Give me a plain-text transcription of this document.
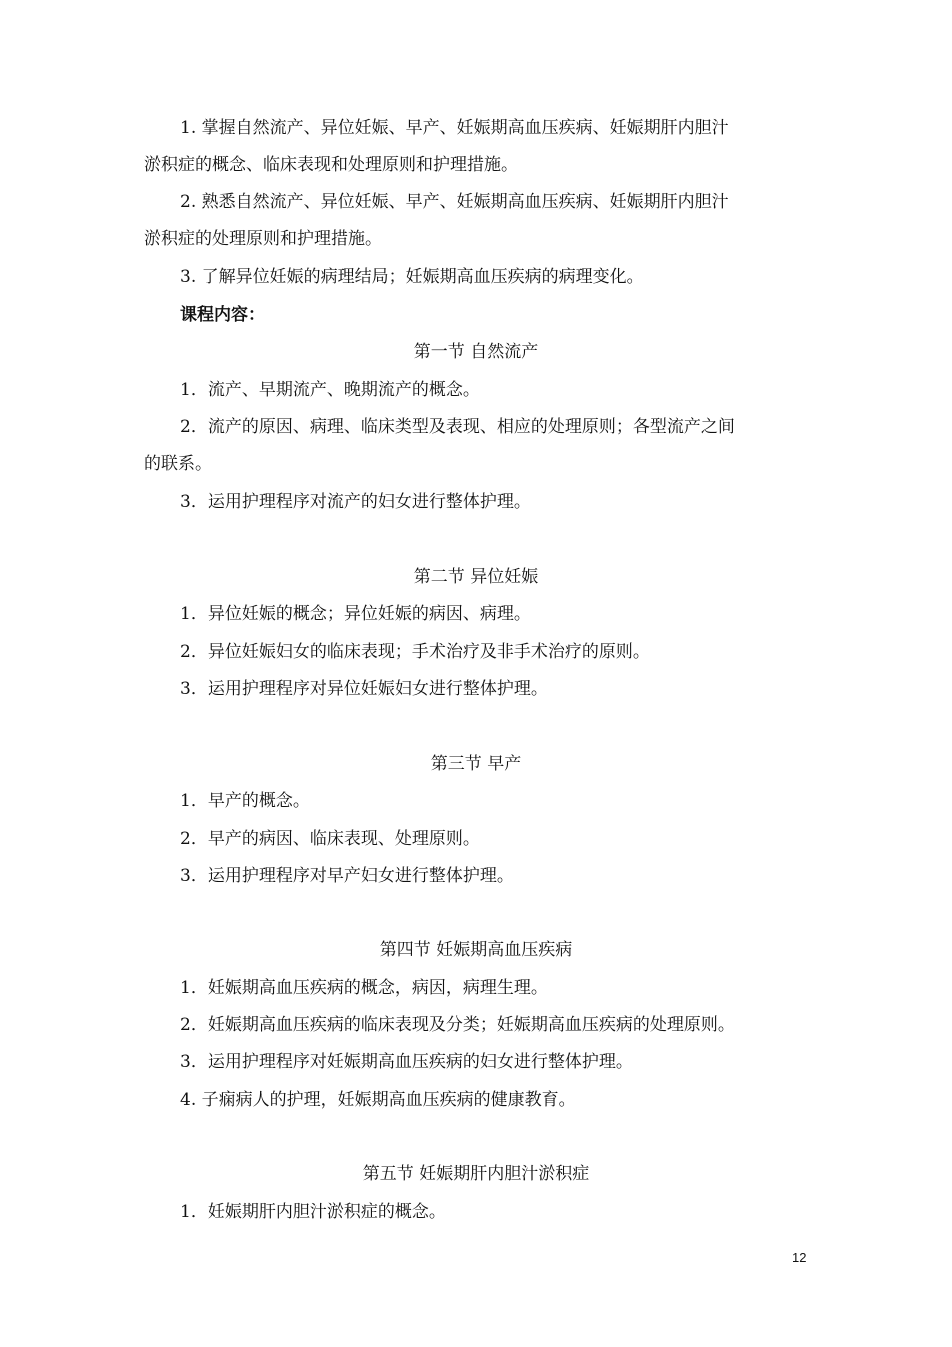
1. 掌握自然流产、异位妊娠、早产、妊娠期高血压疾病、妊娠期肝内胆汁
淤积症的概念、临床表现和处理原则和护理措施。
2. 熟悉自然流产、异位妊娠、早产、妊娠期高血压疾病、妊娠期肝内胆汁
淤积症的处理原则和护理措施。
3. 了解异位妊娠的病理结局；妊娠期高血压疾病的病理变化。
课程内容：
第一节 自然流产
1．流产、早期流产、晚期流产的概念。
2．流产的原因、病理、临床类型及表现、相应的处理原则；各型流产之间
的联系。
3．运用护理程序对流产的妇女进行整体护理。
第二节 异位妊娠
1．异位妊娠的概念；异位妊娠的病因、病理。
2．异位妊娠妇女的临床表现；手术治疗及非手术治疗的原则。
3．运用护理程序对异位妊娠妇女进行整体护理。
第三节 早产
1．早产的概念。
2．早产的病因、临床表现、处理原则。
3．运用护理程序对早产妇女进行整体护理。
第四节 妊娠期高血压疾病
1．妊娠期高血压疾病的概念，病因，病理生理。
2．妊娠期高血压疾病的临床表现及分类；妊娠期高血压疾病的处理原则。
3．运用护理程序对妊娠期高血压疾病的妇女进行整体护理。
4. 子痫病人的护理，妊娠期高血压疾病的健康教育。
第五节 妊娠期肝内胆汁淤积症
1．妊娠期肝内胆汁淤积症的概念。
12
